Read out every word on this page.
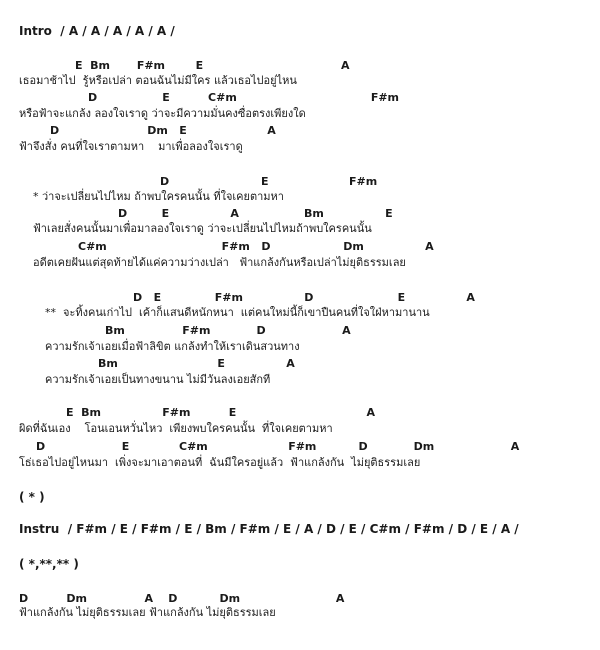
Intro  / A / A / A / A / A /
E  Bm       F#m        E                                    A
เธอมาช้าไป  รู้หรือเปล่า ตอนฉันไม่มีใคร แล้วเธอไปอยู่ไหน
D                 E          C#m                                   F#m
หรือฟ้าจะแกล้ง ลองใจเราดู ว่าจะมีความมั่นคงซื่อตรงเพียงใด
D                       Dm   E                     A
ฟ้าจึงสั่ง คนที่ใจเราตามหา    มาเพื่อลองใจเราดู
D                        E                     F#m
* ว่าจะเปลี่ยนไปไหม ถ้าพบใครคนนั้น ที่ใจเคยตามหา
D         E                A                 Bm                E
ฟ้าเลยสั่งคนนั้นมาเพื่อมาลองใจเราดู ว่าจะเปลี่ยนไปไหมถ้าพบใครคนนั้น
C#m                              F#m   D                   Dm                A
อดีตเคยฝันแต่สุดท้ายได้แค่ความว่างเปล่า   ฟ้าแกล้งกันหรือเปล่าไม่ยุติธรรมเลย
D   E              F#m                D                      E                A
**  จะทิ้งคนเก่าไป  เค้าก็แสนดีหนักหนา  แต่คนใหม่นี้ก็เขาปืนคนที่ใจใฝ่หามานาน
Bm               F#m            D                    A
ความรักเจ้าเอยเมื่อฟ้าลิขิต แกล้งทำให้เราเดินสวนทาง
Bm                          E                A
ความรักเจ้าเอยเป็นทางขนาน ไม่มีวันลงเอยสักที
E  Bm                F#m          E                                  A
ผิดที่ฉันเอง    โอนเอนหวั่นไหว  เพียงพบใครคนนั้น  ที่ใจเคยตามหา
D                    E             C#m                     F#m           D            Dm                    A
โธ่เธอไปอยู่ไหนมา  เพิ่งจะมาเอาตอนที่  ฉันมีใครอยู่แล้ว  ฟ้าแกล้งกัน  ไม่ยุติธรรมเลย
( * )
Instru  / F#m / E / F#m / E / Bm / F#m / E / A / D / E / C#m / F#m / D / E / A /
( *,**,** )
D          Dm               A    D           Dm                         A
ฟ้าแกล้งกัน ไม่ยุติธรรมเลย ฟ้าแกล้งกัน ไม่ยุติธรรมเลย
